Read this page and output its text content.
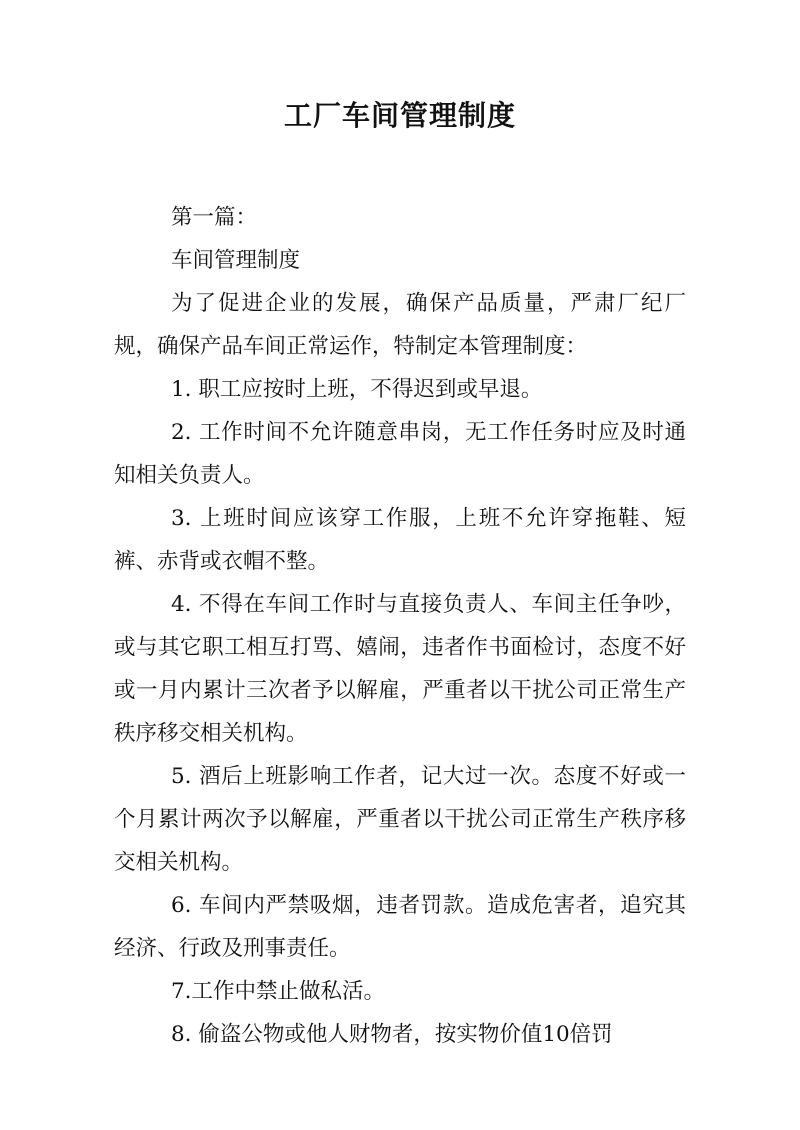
工厂车间管理制度

第一篇：

车间管理制度

为了促进企业的发展，确保产品质量，严肃厂纪厂规，确保产品车间正常运作，特制定本管理制度：

1. 职工应按时上班，不得迟到或早退。

2. 工作时间不允许随意串岗，无工作任务时应及时通知相关负责人。

3. 上班时间应该穿工作服，上班不允许穿拖鞋、短裤、赤背或衣帽不整。

4. 不得在车间工作时与直接负责人、车间主任争吵，或与其它职工相互打骂、嬉闹，违者作书面检讨，态度不好或一月内累计三次者予以解雇，严重者以干扰公司正常生产秩序移交相关机构。

5. 酒后上班影响工作者，记大过一次。态度不好或一个月累计两次予以解雇，严重者以干扰公司正常生产秩序移交相关机构。

6. 车间内严禁吸烟，违者罚款。造成危害者，追究其经济、行政及刑事责任。

7.工作中禁止做私活。

8. 偷盗公物或他人财物者，按实物价值10倍罚
